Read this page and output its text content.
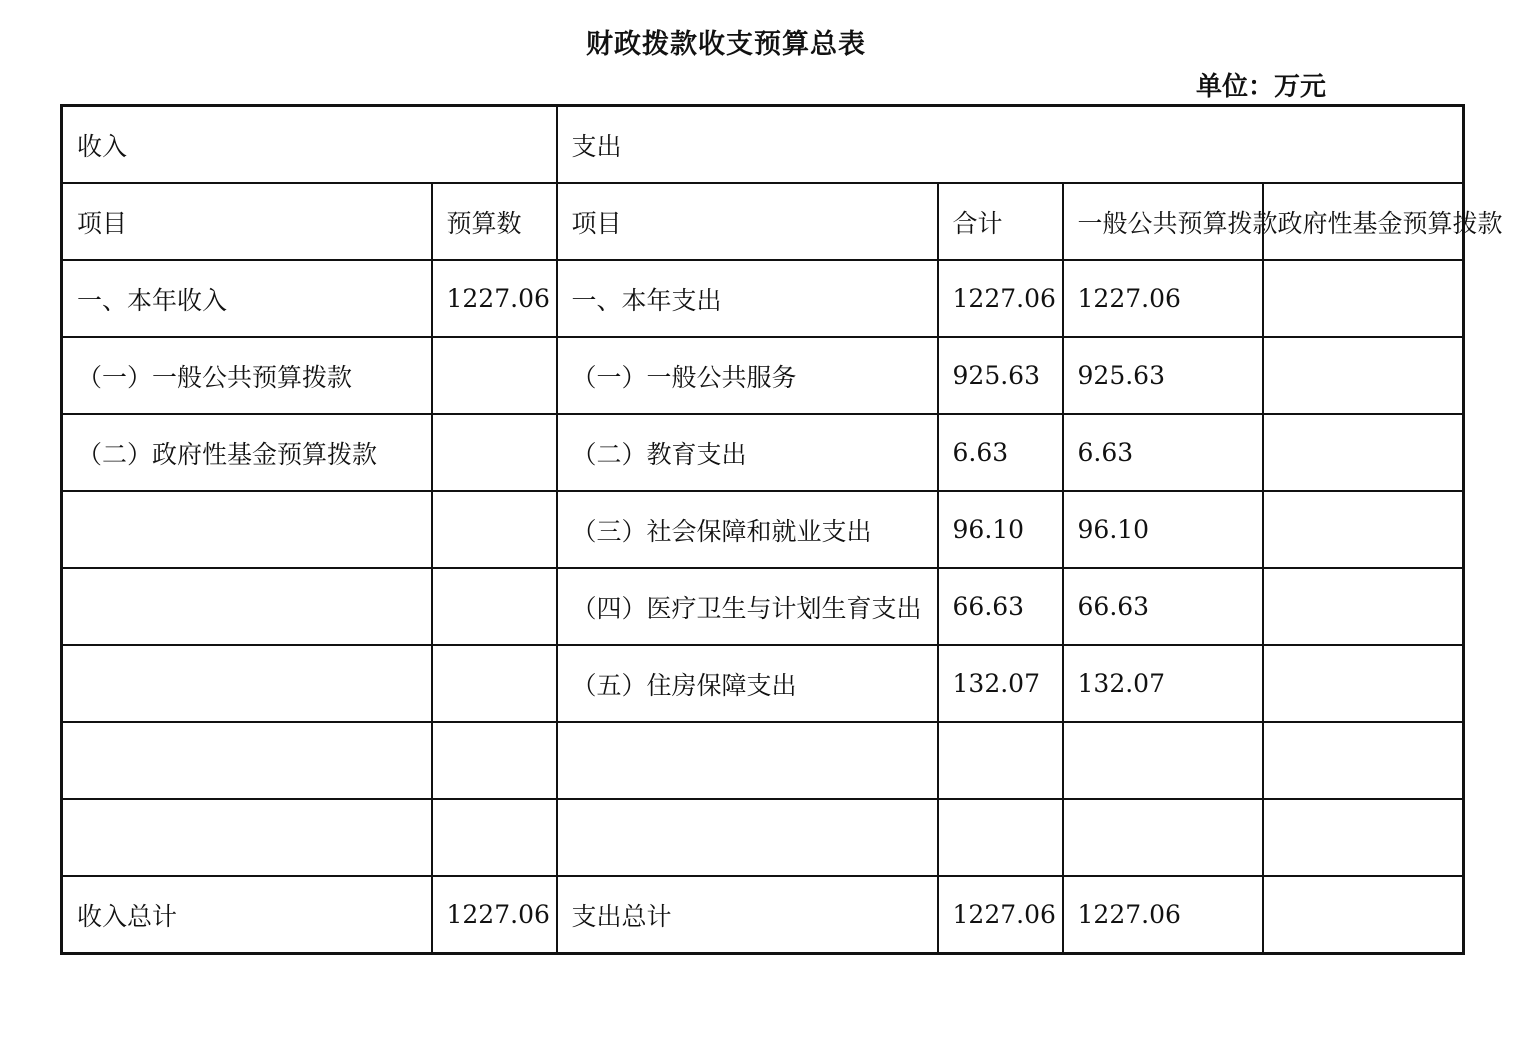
财政拨款收支预算总表
单位：万元
收入		支出			
项目	预算数	项目	合计	一般公共预算拨款	政府性基金预算拨款
一、本年收入	1227.06	一、本年支出	1227.06	1227.06	
（一）一般公共预算拨款		（一）一般公共服务	925.63	925.63	
（二）政府性基金预算拨款		（二）教育支出	6.63	6.63	
		（三）社会保障和就业支出	96.10	96.10	
		（四）医疗卫生与计划生育支出	66.63	66.63	
		（五）住房保障支出	132.07	132.07	

收入总计	1227.06	支出总计	1227.06	1227.06	
